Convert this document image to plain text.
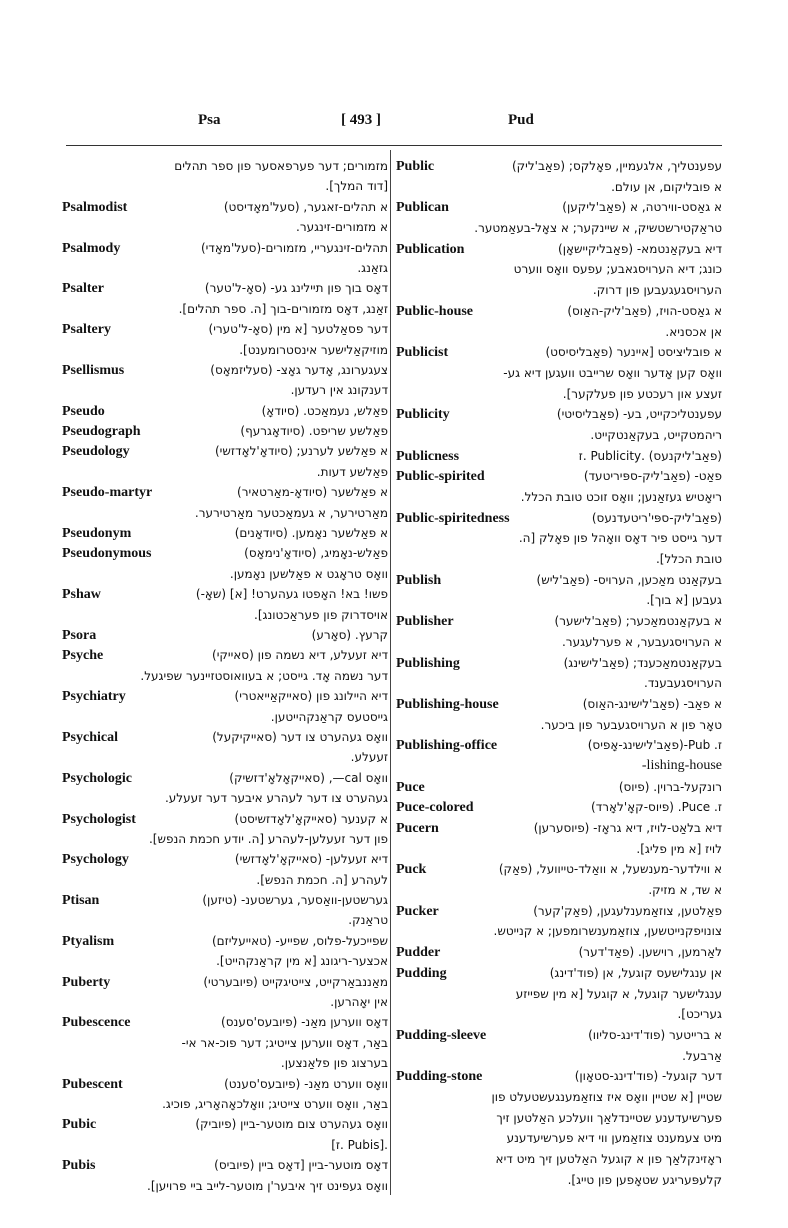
Psa	[ 493 ]	Pud
מזמורים; דער פערפאסער פון ספר תהלים
[דוד המלך].
Psalmodist	א תהלים-זאגער, (סעל'מאָדיסט)
א מזמורים-זינגער.
Psalmody	תהלים-זינגעריי, מזמורים-(סעל'מאָדי)
גזאַנג.
Psalter	דאָס בוך פון תיילינג גע- (סאָ-ל'טער)
זאַנג, דאָס מזמורים-בוך [ה. ספר תהלים].
Psaltery	דער פסאַלטער [א מין (סאָ-ל'טערי)
מוזיקאַלישער אינסטרומענט].
Psellismus	צעגערונג, אָדער גאָצ- (סעליזמאָס)
דענקונג אין רעדען.
Pseudo	פאַלש, נעמאַכט. (סיודאָ)
Pseudograph	פאַלשע שריפט. (סיודאָגרעף)
Pseudology	א פאַלשע לערנע; (סיודאָ'לאָדזשי)
פאַלשע דעות.
Pseudo-martyr	א פאַלשער (סיודאָ-מאַרטאיר)
מאַרטירער, א געמאַכטער מאַרטירער.
Pseudonym	א פאַלשער נאָמען. (סיודאָנים)
Pseudonymous	פאַלש-נאָמיג, (סיודאָ'נימאָס)
וואָס טראָגט א פאַלשען נאָמען.
Pshaw	פשו! בא! האָפטו געהערט! [א] (שאָ-)
אויסדרוק פון פעראַכטונג].
Psora	קרעץ. (סאָרע)
Psyche	דיא זעעלע, דיא נשמה פון (סאייקי)
דער נשמה אָד. גייסט; א בעוואוסטזיינער שפיגעל.
Psychiatry	דיא היילונג פון (סאייקאַייאטרי)
גייסטעס קראַנקהייטען.
Psychical	וואָס געהערט צו דער (סאייקיקעל)
זעעלע.
Psychologic	וואָס cal—, (סאייקאָלאָ'דזשיק)
געהערט צו דער לעהרע איבער דער זעעלע.
Psychologist	א קענער (סאייקאָ'לאָדזשיסט)
פון דער זעעלען-לעהרע [ה. יודע חכמת הנפש].
Psychology	דיא זעעלען- (סאייקאָ'לאָדזשי)
לעהרע [ה. חכמת הנפש].
Ptisan	גערשטען-וואַסער, גערשטענ- (טיזען)
טראַנק.
Ptyalism	שפייכעל-פלוס, שפייע- (טאייעליזם)
אכצער-ריגונג [א מין קראַנקהייט].
Puberty	מאַננבאַרקייט, צייטיגקייט (פיובערטי)
אין יאָהרען.
Pubescence	דאָס ווערען מאַנ- (פיובעס'סענס)
באַר, דאָס ווערען צייטיג; דער פוכ-אר אי-
בערצוג פון פלאַנצען.
Pubescent	וואָס ווערט מאַנ- (פיובעס'סענט)
באַר, וואָס ווערט צייטיג; וואָלכאָהאָריג, פוכיג.
Pubic	וואָס געהערט צום מוטער-ביין (פיוביק)
.[Pubis .ז]
Pubis	דאָס מוטער-ביין [דאָס ביין (פיוביס)
וואָס געפינט זיך איבער'ן מוטער-לייב ביי פרויען].
Public	עפענטליך, אלגעמיין, פאָלקס; (פאַב'ליק)
א פובליקום, אן עולם.
Publican	א גאַסט-ווירטה, א (פאַב'ליקען)
טראַקטירשטשיק, א שיינקער; א צאָל-בעאַמטער.
Publication	דיא בעקאַנטמא- (פאַבליקיישאָן)
כונג; דיא הערויסגאבע; עפעס וואָס ווערט
הערויסגעגעבען פון דרוק.
Public-house	א גאַסט-הויז, (פאַב'ליק-האַוס)
אן אכסניא.
Publicist	א פובליציסט [איינער (פאַבליסיסט)
וואָס קען אָדער וואָס שרייבט וועגען דיא גע-
זעצע און רעכטע פון פעלקער].
Publicity	עפענטליכקייט, בע- (פאַבליסיטי)
ריהמטקייט, בעקאַנטקייט.
Publicness	(פאַב'ליקנעס) .Publicity .ז
Public-spirited	פאַט- (פאַב'ליק-ספּיריטעד)
ריאָטיש געזאַנען; וואָס זוכט טובת הכלל.
Public-spiritedness	(פאַב'ליק-ספּי'ריטעדנעס)
דער גייסט פיר דאָס וואָהל פון פאָלק [ה.
טובת הכלל].
Publish	בעקאַנט מאַכען, הערויס- (פאַב'ליש)
געבען [א בוך].
Publisher	א בעקאַנטמאַכער; (פאַב'לישער)
א הערויסגעבער, א פערלעגער.
Publishing	בעקאַנטמאַכענד; (פאַב'לישינג)
הערויסגעבענד.
Publishing-house	א פאַב- (פאַב'לישינג-האַוס)
טאָר פון א הערויסגעבער פון ביכער.
Publishing-office	ז. Pub-(פאַב'לישינג-אָפיס)
-lishing-house
Puce	רונקעל-ברוין. (פיוס)
Puce-colored	ז. Puce. (פיוס-קאָ'לאָרד)
Pucern	דיא בלאַט-לויז, דיא גראָז- (פיוסערען)
לויז [א מין פליג].
Puck	א ווילדער-מענשעל, א וואַלד-טייוועל, (פאַק)
א שד, א מזיק.
Pucker	פאַלטען, צוזאַמענלעגען, (פאַק'קער)
צונויפקנייטשען, צוזאַמענשרומפען; א קנייטש.
Pudder	לאַרמען, רוישען. (פאַד'דער)
Pudding	אן ענגלישעס קוגעל, אן (פוד'דינג)
ענגלישער קוגעל, א קוגעל [א מין שפייזע
געריכט].
Pudding-sleeve	א ברייטער (פוד'דינג-סליוו)
אַרבעל.
Pudding-stone	דער קוגעל- (פוד'דינג-סטאָון)
שטיין [א שטיין וואָס איז צוזאַמענגעשטעלט פון
פערשיעדענע שטיינדלאַך וועלכע האַלטען זיך
מיט צעמענט צוזאַמען ווי דיא פערשיעדענע
ראָזינקלאַך פון א קוגעל האַלטען זיך מיט דיא
קלעפּעריגע שטאָפען פון טייג].
